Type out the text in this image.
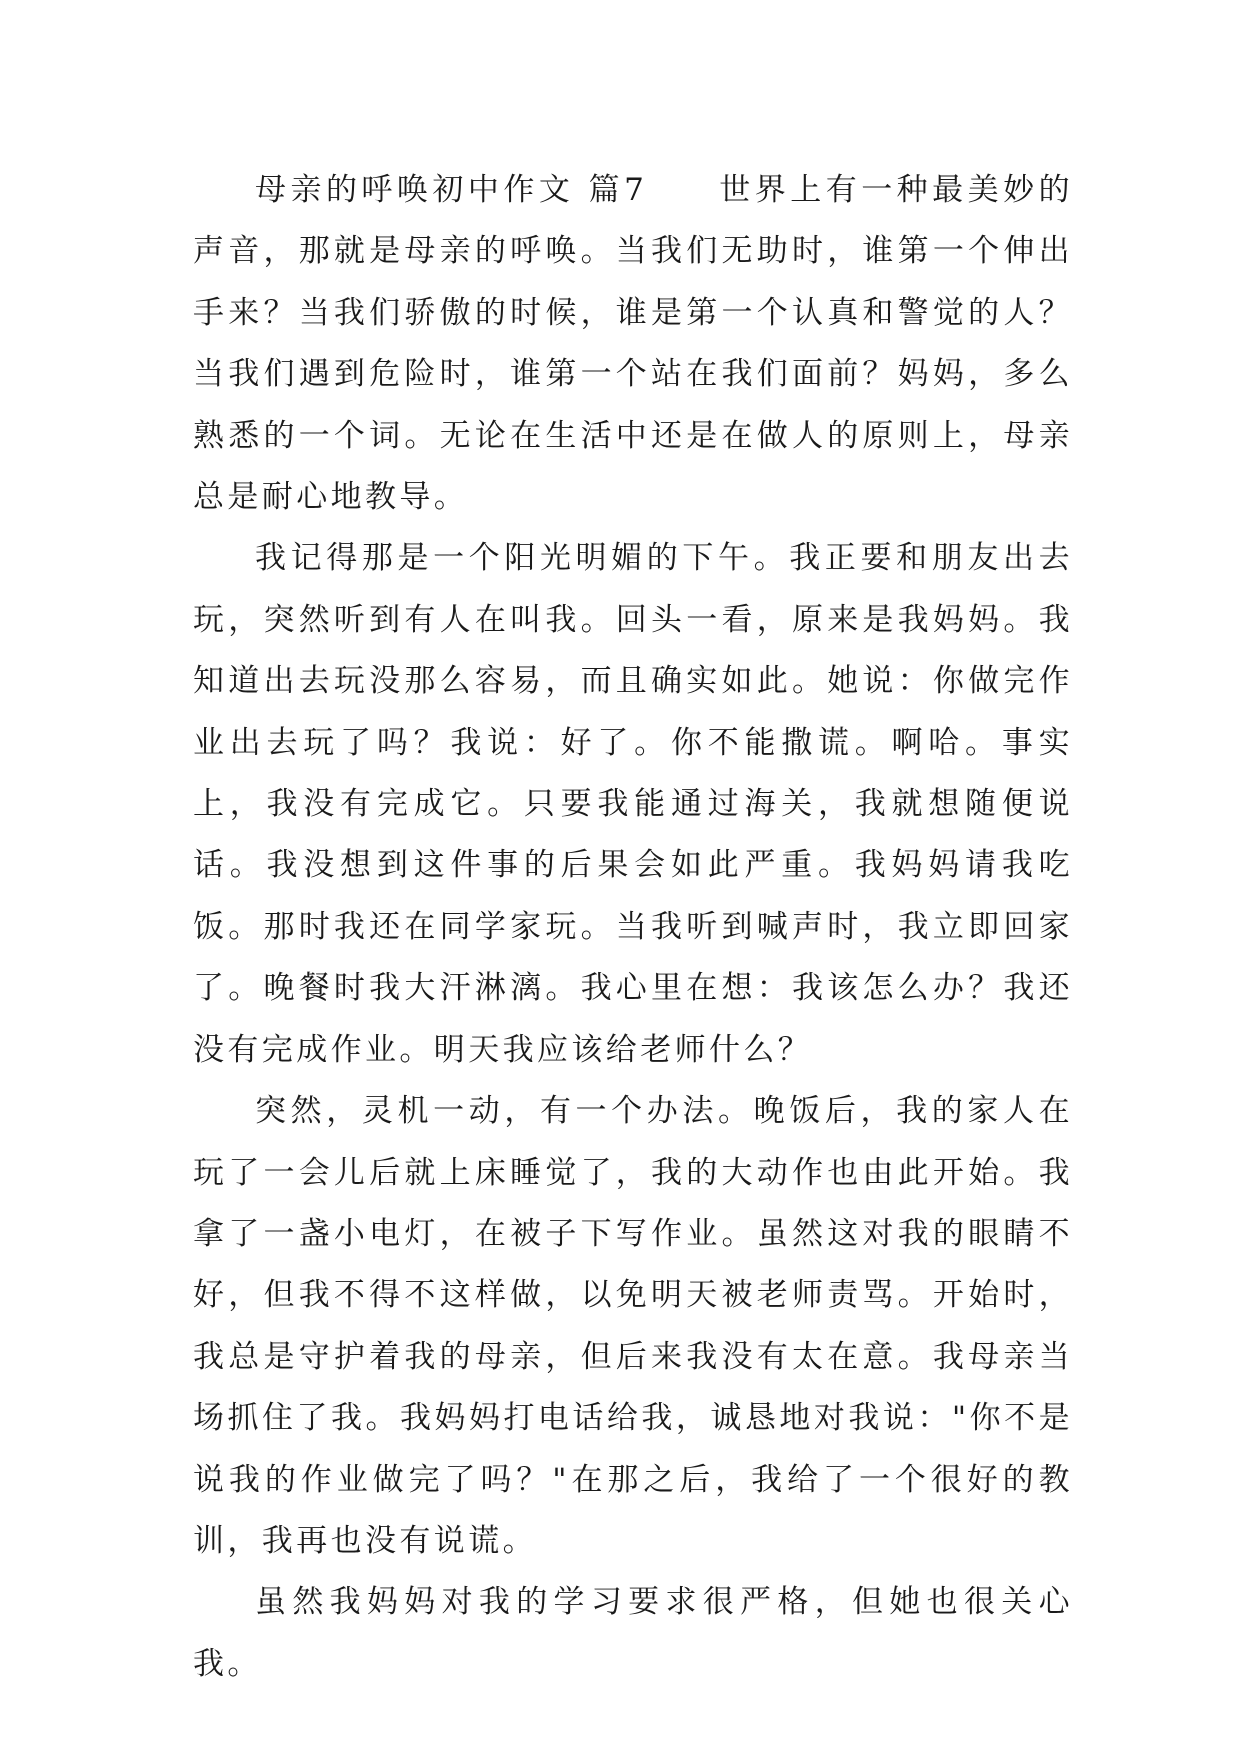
母亲的呼唤初中作文 篇7　　世界上有一种最美妙的声音，那就是母亲的呼唤。当我们无助时，谁第一个伸出手来？当我们骄傲的时候，谁是第一个认真和警觉的人？当我们遇到危险时，谁第一个站在我们面前？妈妈，多么熟悉的一个词。无论在生活中还是在做人的原则上，母亲总是耐心地教导。

我记得那是一个阳光明媚的下午。我正要和朋友出去玩，突然听到有人在叫我。回头一看，原来是我妈妈。我知道出去玩没那么容易，而且确实如此。她说：你做完作业出去玩了吗？我说：好了。你不能撒谎。啊哈。事实上，我没有完成它。只要我能通过海关，我就想随便说话。我没想到这件事的后果会如此严重。我妈妈请我吃饭。那时我还在同学家玩。当我听到喊声时，我立即回家了。晚餐时我大汗淋漓。我心里在想：我该怎么办？我还没有完成作业。明天我应该给老师什么？

突然，灵机一动，有一个办法。晚饭后，我的家人在玩了一会儿后就上床睡觉了，我的大动作也由此开始。我拿了一盏小电灯，在被子下写作业。虽然这对我的眼睛不好，但我不得不这样做，以免明天被老师责骂。开始时，我总是守护着我的母亲，但后来我没有太在意。我母亲当场抓住了我。我妈妈打电话给我，诚恳地对我说："你不是说我的作业做完了吗？"在那之后，我给了一个很好的教训，我再也没有说谎。

虽然我妈妈对我的学习要求很严格，但她也很关心我。
